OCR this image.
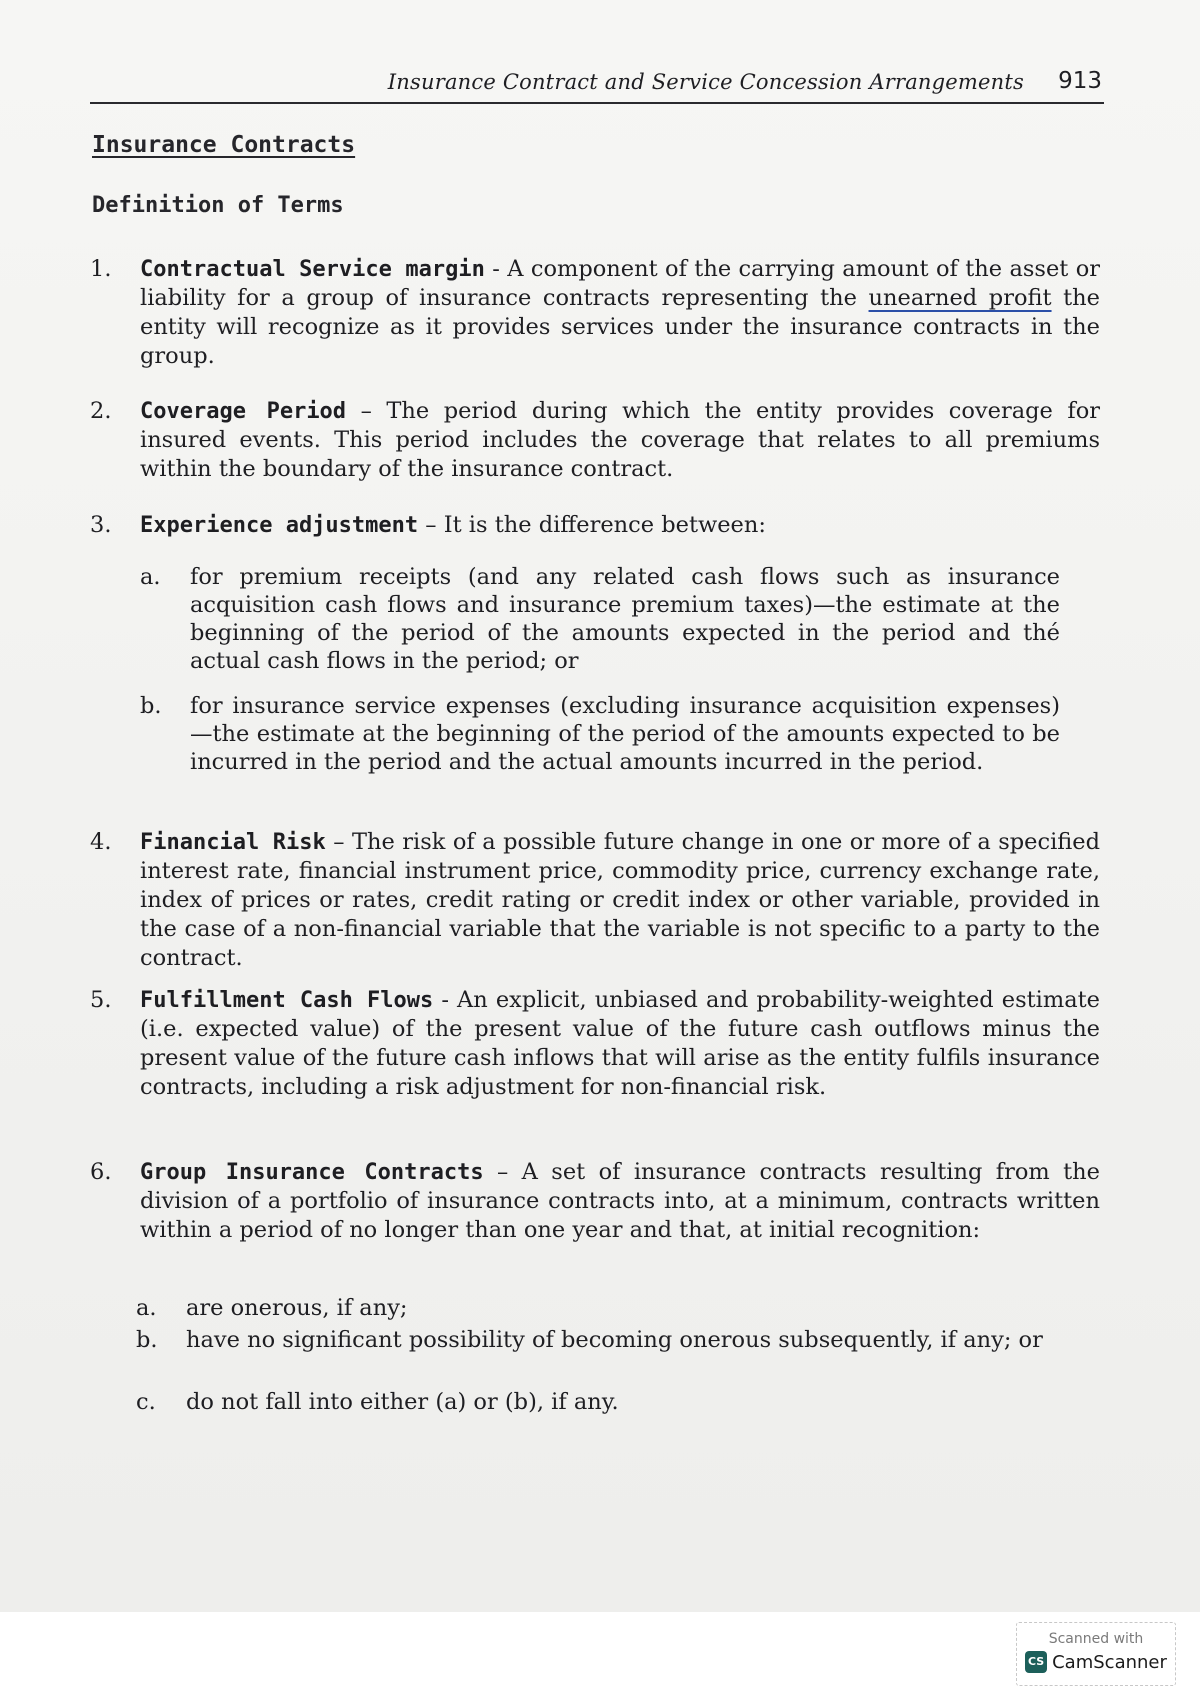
Insurance Contract and Service Concession Arrangements 913
Insurance Contracts
Definition of Terms
1.	Contractual Service margin - A component of the carrying amount of the asset or liability for a group of insurance contracts representing the unearned profit the entity will recognize as it provides services under the insurance contracts in the group.
2.	Coverage Period – The period during which the entity provides coverage for insured events. This period includes the coverage that relates to all premiums within the boundary of the insurance contract.
3.	Experience adjustment – It is the difference between:
a.	for premium receipts (and any related cash flows such as insurance acquisition cash flows and insurance premium taxes)—the estimate at the beginning of the period of the amounts expected in the period and thé actual cash flows in the period; or
b.	for insurance service expenses (excluding insurance acquisition expenses)—the estimate at the beginning of the period of the amounts expected to be incurred in the period and the actual amounts incurred in the period.
4.	Financial Risk – The risk of a possible future change in one or more of a specified interest rate, financial instrument price, commodity price, currency exchange rate, index of prices or rates, credit rating or credit index or other variable, provided in the case of a non-financial variable that the variable is not specific to a party to the contract.
5.	Fulfillment Cash Flows - An explicit, unbiased and probability-weighted estimate (i.e. expected value) of the present value of the future cash outflows minus the present value of the future cash inflows that will arise as the entity fulfils insurance contracts, including a risk adjustment for non-financial risk.
6.	Group Insurance Contracts – A set of insurance contracts resulting from the division of a portfolio of insurance contracts into, at a minimum, contracts written within a period of no longer than one year and that, at initial recognition:
a.	are onerous, if any;
b.	have no significant possibility of becoming onerous subsequently, if any; or
c.	do not fall into either (a) or (b), if any.
Scanned with
CS CamScanner
